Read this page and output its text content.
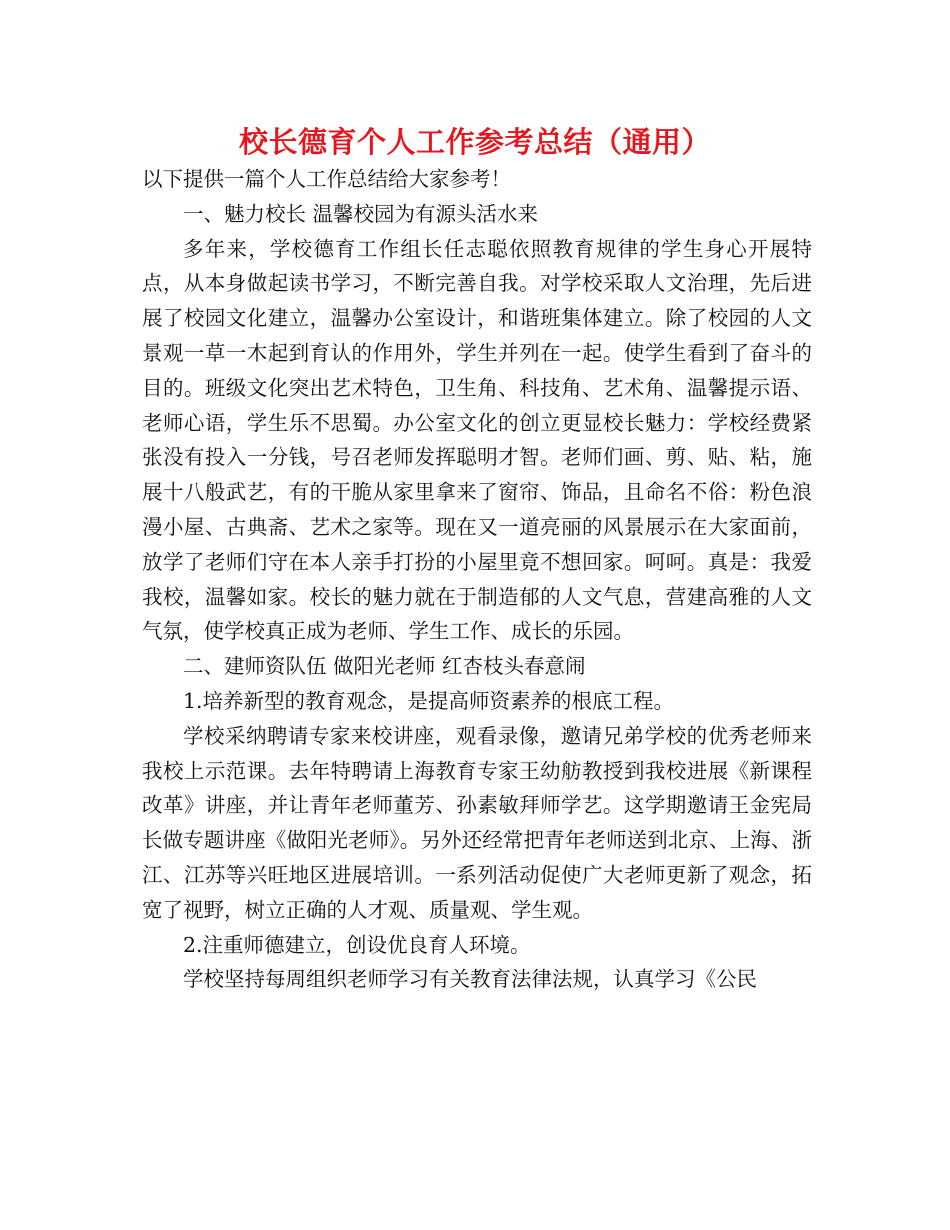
校长德育个人工作参考总结（通用）

以下提供一篇个人工作总结给大家参考！

一、魅力校长 温馨校园为有源头活水来

多年来，学校德育工作组长任志聪依照教育规律的学生身心开展特点，从本身做起读书学习，不断完善自我。对学校采取人文治理，先后进展了校园文化建立，温馨办公室设计，和谐班集体建立。除了校园的人文景观一草一木起到育认的作用外，学生并列在一起。使学生看到了奋斗的目的。班级文化突出艺术特色，卫生角、科技角、艺术角、温馨提示语、老师心语，学生乐不思蜀。办公室文化的创立更显校长魅力：学校经费紧张没有投入一分钱，号召老师发挥聪明才智。老师们画、剪、贴、粘，施展十八般武艺，有的干脆从家里拿来了窗帘、饰品，且命名不俗：粉色浪漫小屋、古典斋、艺术之家等。现在又一道亮丽的风景展示在大家面前，放学了老师们守在本人亲手打扮的小屋里竟不想回家。呵呵。真是：我爱我校，温馨如家。校长的魅力就在于制造郁的人文气息，营建高雅的人文气氛，使学校真正成为老师、学生工作、成长的乐园。

二、建师资队伍 做阳光老师 红杏枝头春意闹

1.培养新型的教育观念，是提高师资素养的根底工程。

学校采纳聘请专家来校讲座，观看录像，邀请兄弟学校的优秀老师来我校上示范课。去年特聘请上海教育专家王幼舫教授到我校进展《新课程改革》讲座，并让青年老师董芳、孙素敏拜师学艺。这学期邀请王金宪局长做专题讲座《做阳光老师》。另外还经常把青年老师送到北京、上海、浙江、江苏等兴旺地区进展培训。一系列活动促使广大老师更新了观念，拓宽了视野，树立正确的人才观、质量观、学生观。

2.注重师德建立，创设优良育人环境。

学校坚持每周组织老师学习有关教育法律法规，认真学习《公民
